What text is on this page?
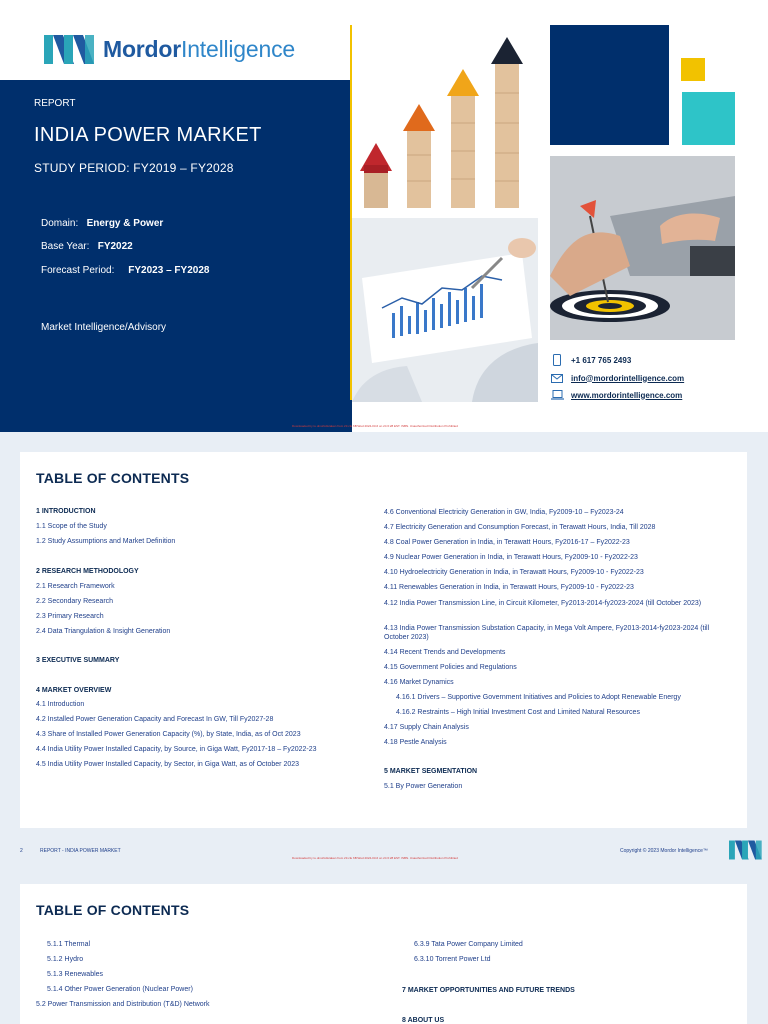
MordorIntelligence
REPORT
INDIA POWER MARKET
STUDY PERIOD: FY2019 – FY2028
Domain: Energy & Power
Base Year: FY2022
Forecast Period: FY2023 – FY2028
Market Intelligence/Advisory
+1 617 765 2493
info@mordorintelligence.com
www.mordorintelligence.com
Downloaded by tu.dmohidisrakan from 23.cfe 6B:Wed 2024-03-6 on 24 6:28 EST. ISBN. Unauthorized Distribution Prohibited
TABLE OF CONTENTS
1 INTRODUCTION
1.1 Scope of the Study
1.2 Study Assumptions and Market Definition
2 RESEARCH METHODOLOGY
2.1 Research Framework
2.2 Secondary Research
2.3 Primary Research
2.4 Data Triangulation & Insight Generation
3 EXECUTIVE SUMMARY
4 MARKET OVERVIEW
4.1 Introduction
4.2 Installed Power Generation Capacity and Forecast In GW, Till Fy2027-28
4.3 Share of Installed Power Generation Capacity (%), by State, India, as of Oct 2023
4.4 India Utility Power Installed Capacity, by Source, in Giga Watt, Fy2017-18 – Fy2022-23
4.5 India Utility Power Installed Capacity, by Sector, in Giga Watt, as of October 2023
4.6 Conventional Electricity Generation in GW, India, Fy2009-10 – Fy2023-24
4.7 Electricity Generation and Consumption Forecast, in Terawatt Hours, India, Till 2028
4.8 Coal Power Generation in India, in Terawatt Hours, Fy2016-17 – Fy2022-23
4.9 Nuclear Power Generation in India, in Terawatt Hours, Fy2009-10 - Fy2022-23
4.10 Hydroelectricity Generation in India, in Terawatt Hours, Fy2009-10 - Fy2022-23
4.11 Renewables Generation in India, in Terawatt Hours, Fy2009-10 - Fy2022-23
4.12 India Power Transmission Line, in Circuit Kilometer, Fy2013-2014-fy2023-2024 (till October 2023)
4.13 India Power Transmission Substation Capacity, in Mega Volt Ampere, Fy2013-2014-fy2023-2024 (till October 2023)
4.14 Recent Trends and Developments
4.15 Government Policies and Regulations
4.16 Market Dynamics
4.16.1 Drivers – Supportive Government Initiatives and Policies to Adopt Renewable Energy
4.16.2 Restraints – High Initial Investment Cost and Limited Natural Resources
4.17 Supply Chain Analysis
4.18 Pestle Analysis
5 MARKET SEGMENTATION
5.1 By Power Generation
2	REPORT - INDIA POWER MARKET
Downloaded by tu.dmohidisrakan from 23.cfe 6B:Wed 2024-03-6 on 24 6:28 EST. ISBN. Unauthorized Distribution Prohibited
Copyright © 2023 Mordor Intelligence™
TABLE OF CONTENTS
5.1.1 Thermal
5.1.2 Hydro
5.1.3 Renewables
5.1.4 Other Power Generation (Nuclear Power)
5.2 Power Transmission and Distribution (T&D) Network
6.3.9 Tata Power Company Limited
6.3.10 Torrent Power Ltd
7 MARKET OPPORTUNITIES AND FUTURE TRENDS
8 ABOUT US
